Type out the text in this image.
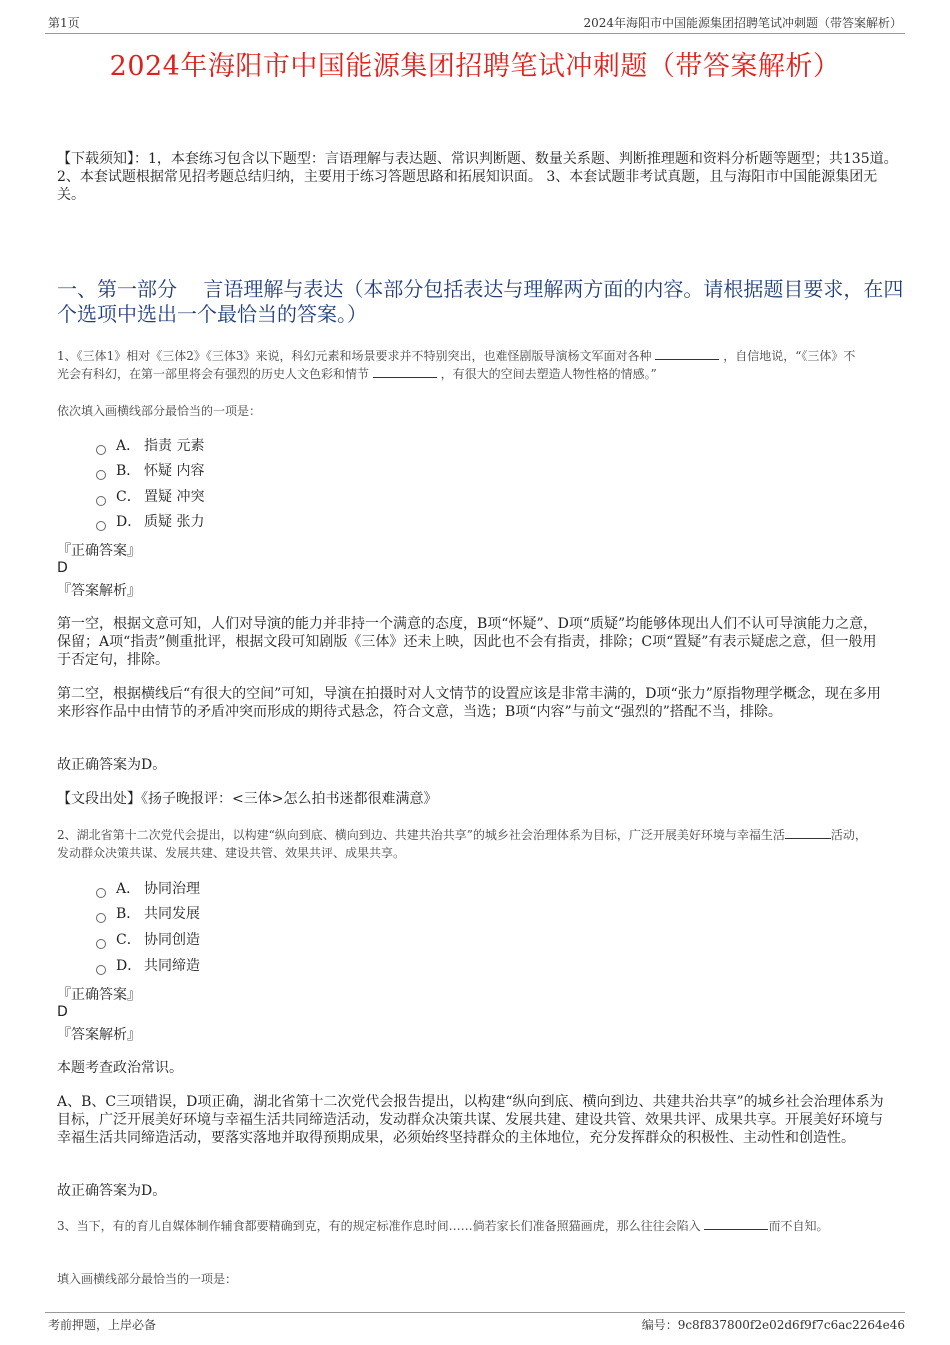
第1页	2024年海阳市中国能源集团招聘笔试冲刺题（带答案解析）
2024年海阳市中国能源集团招聘笔试冲刺题（带答案解析）
【下载须知】：1，本套练习包含以下题型：言语理解与表达题、常识判断题、数量关系题、判断推理题和资料分析题等题型；共135道。 2、本套试题根据常见招考题总结归纳，主要用于练习答题思路和拓展知识面。 3、本套试题非考试真题，且与海阳市中国能源集团无关。
一、第一部分　 言语理解与表达（本部分包括表达与理解两方面的内容。请根据题目要求，在四个选项中选出一个最恰当的答案。）
1、《三体1》相对《三体2》《三体3》来说，科幻元素和场景要求并不特别突出，也难怪剧版导演杨文军面对各种	，自信地说，“《三体》不光会有科幻，在第一部里将会有强烈的历史人文色彩和情节	，有很大的空间去塑造人物性格的情感。”
依次填入画横线部分最恰当的一项是：
A． 指责 元素
B． 怀疑 内容
C． 置疑 冲突
D． 质疑 张力
『正确答案』
D
『答案解析』
第一空，根据文意可知，人们对导演的能力并非持一个满意的态度，B项“怀疑”、D项“质疑”均能够体现出人们不认可导演能力之意，保留；A项“指责”侧重批评，根据文段可知剧版《三体》还未上映，因此也不会有指责，排除；C项“置疑”有表示疑虑之意，但一般用于否定句，排除。
第二空，根据横线后“有很大的空间”可知，导演在拍摄时对人文情节的设置应该是非常丰满的，D项“张力”原指物理学概念，现在多用来形容作品中由情节的矛盾冲突而形成的期待式悬念，符合文意，当选；B项“内容”与前文“强烈的”搭配不当，排除。
故正确答案为D。
【文段出处】《扬子晚报评：<三体>怎么拍书迷都很难满意》
2、湖北省第十二次党代会提出，以构建“纵向到底、横向到边、共建共治共享”的城乡社会治理体系为目标，广泛开展美好环境与幸福生活	活动，发动群众决策共谋、发展共建、建设共管、效果共评、成果共享。
A． 协同治理
B． 共同发展
C． 协同创造
D． 共同缔造
『正确答案』
D
『答案解析』
本题考查政治常识。
A、B、C三项错误，D项正确，湖北省第十二次党代会报告提出，以构建“纵向到底、横向到边、共建共治共享”的城乡社会治理体系为目标，广泛开展美好环境与幸福生活共同缔造活动，发动群众决策共谋、发展共建、建设共管、效果共评、成果共享。开展美好环境与幸福生活共同缔造活动，要落实落地并取得预期成果，必须始终坚持群众的主体地位，充分发挥群众的积极性、主动性和创造性。
故正确答案为D。
3、当下，有的育儿自媒体制作辅食都要精确到克，有的规定标准作息时间……倘若家长们准备照猫画虎，那么往往会陷入	而不自知。
填入画横线部分最恰当的一项是：
考前押题，上岸必备	编号：9c8f837800f2e02d6f9f7c6ac2264e46
